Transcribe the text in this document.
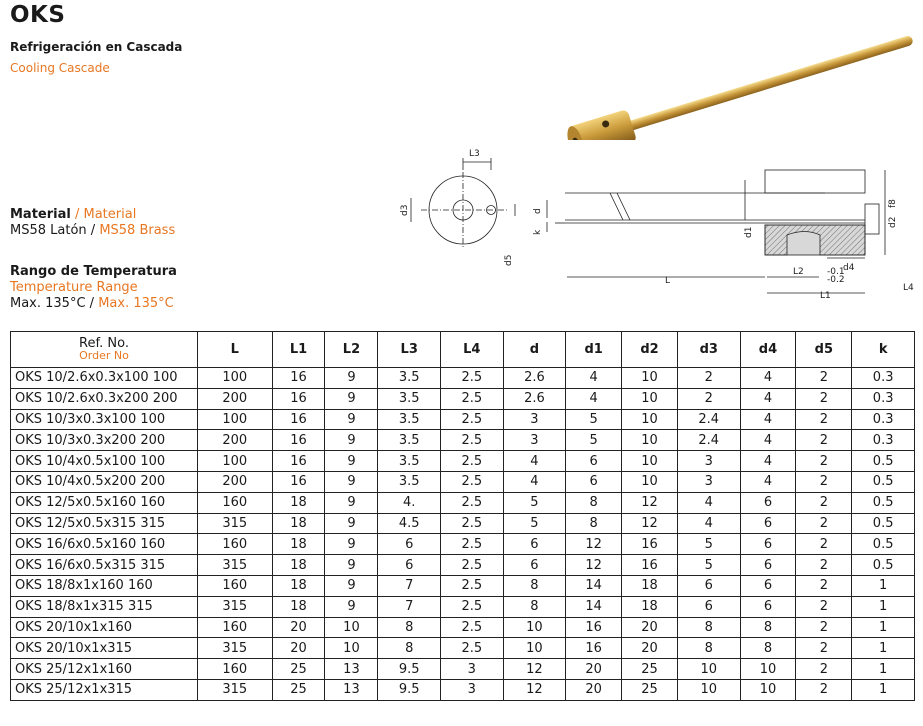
OKS
Refrigeración en Cascada
Cooling Cascade
L3
d3
d5
d
k	d1
d2
f8
d4
L2	-0.1
-0.2
L
L1
L4
Material / Material
MS58 Latón / MS58 Brass
Rango de Temperatura
Temperature Range
Max. 135°C / Max. 135°C
Ref. No.
Order No	L	L1	L2	L3	L4	d	d1	d2	d3	d4	d5	k
OKS 10/2.6x0.3x100 100	100	16	9	3.5	2.5	2.6	4	10	2	4	2	0.3
OKS 10/2.6x0.3x200 200	200	16	9	3.5	2.5	2.6	4	10	2	4	2	0.3
OKS 10/3x0.3x100 100	100	16	9	3.5	2.5	3	5	10	2.4	4	2	0.3
OKS 10/3x0.3x200 200	200	16	9	3.5	2.5	3	5	10	2.4	4	2	0.3
OKS 10/4x0.5x100 100	100	16	9	3.5	2.5	4	6	10	3	4	2	0.5
OKS 10/4x0.5x200 200	200	16	9	3.5	2.5	4	6	10	3	4	2	0.5
OKS 12/5x0.5x160 160	160	18	9	4.	2.5	5	8	12	4	6	2	0.5
OKS 12/5x0.5x315 315	315	18	9	4.5	2.5	5	8	12	4	6	2	0.5
OKS 16/6x0.5x160 160	160	18	9	6	2.5	6	12	16	5	6	2	0.5
OKS 16/6x0.5x315 315	315	18	9	6	2.5	6	12	16	5	6	2	0.5
OKS 18/8x1x160 160	160	18	9	7	2.5	8	14	18	6	6	2	1
OKS 18/8x1x315 315	315	18	9	7	2.5	8	14	18	6	6	2	1
OKS 20/10x1x160	160	20	10	8	2.5	10	16	20	8	8	2	1
OKS 20/10x1x315	315	20	10	8	2.5	10	16	20	8	8	2	1
OKS 25/12x1x160	160	25	13	9.5	3	12	20	25	10	10	2	1
OKS 25/12x1x315	315	25	13	9.5	3	12	20	25	10	10	2	1
